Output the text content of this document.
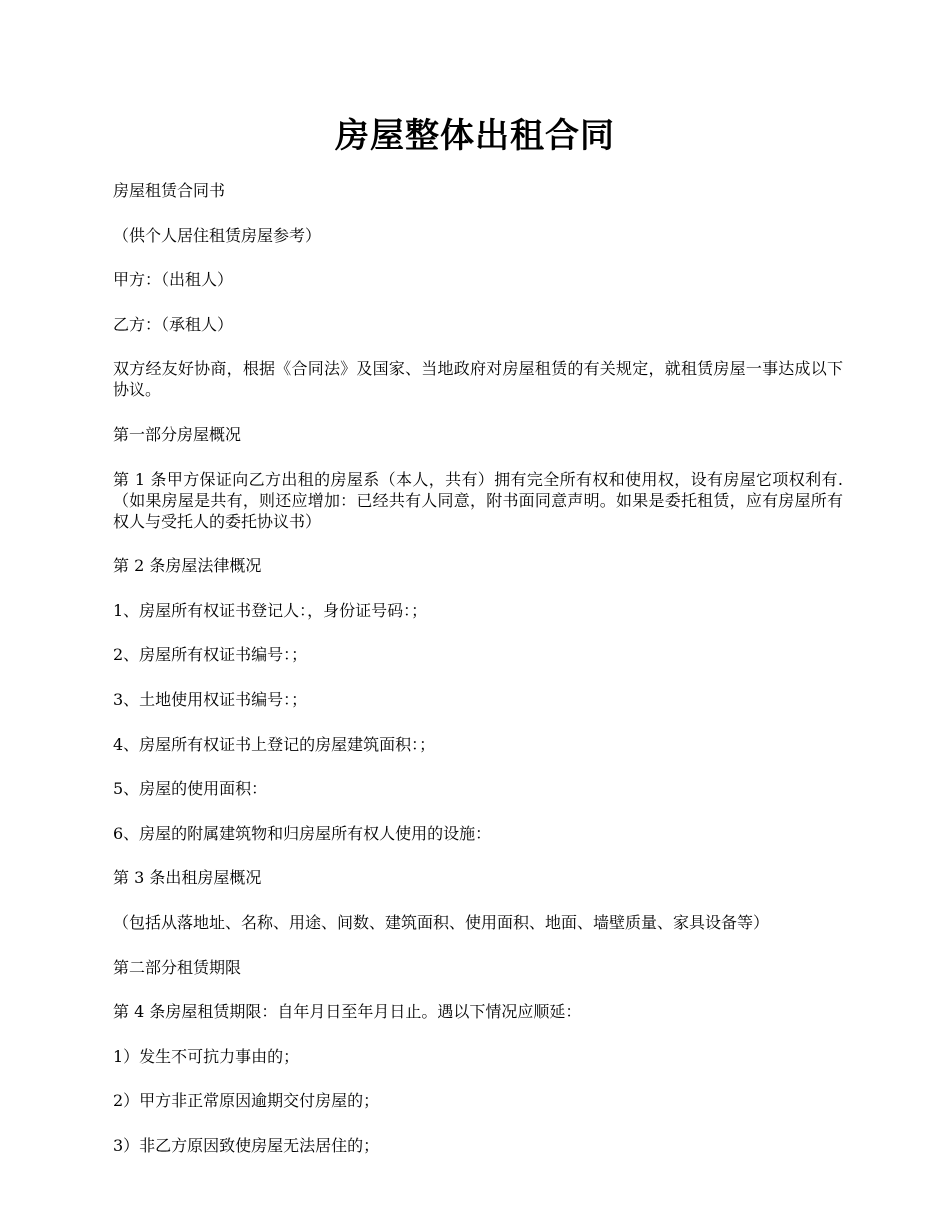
房屋整体出租合同

房屋租赁合同书

（供个人居住租赁房屋参考）

甲方：（出租人）

乙方：（承租人）

双方经友好协商，根据《合同法》及国家、当地政府对房屋租赁的有关规定，就租赁房屋一事达成以下协议。

第一部分房屋概况

第 1 条甲方保证向乙方出租的房屋系（本人，共有）拥有完全所有权和使用权，设有房屋它项权利有.（如果房屋是共有，则还应增加：已经共有人同意，附书面同意声明。如果是委托租赁，应有房屋所有权人与受托人的委托协议书）

第 2 条房屋法律概况

1、房屋所有权证书登记人：，身份证号码：；

2、房屋所有权证书编号：；

3、土地使用权证书编号：；

4、房屋所有权证书上登记的房屋建筑面积：；

5、房屋的使用面积：

6、房屋的附属建筑物和归房屋所有权人使用的设施：

第 3 条出租房屋概况

（包括从落地址、名称、用途、间数、建筑面积、使用面积、地面、墙壁质量、家具设备等）

第二部分租赁期限

第 4 条房屋租赁期限：自年月日至年月日止。遇以下情况应顺延：

1）发生不可抗力事由的；

2）甲方非正常原因逾期交付房屋的；

3）非乙方原因致使房屋无法居住的；
